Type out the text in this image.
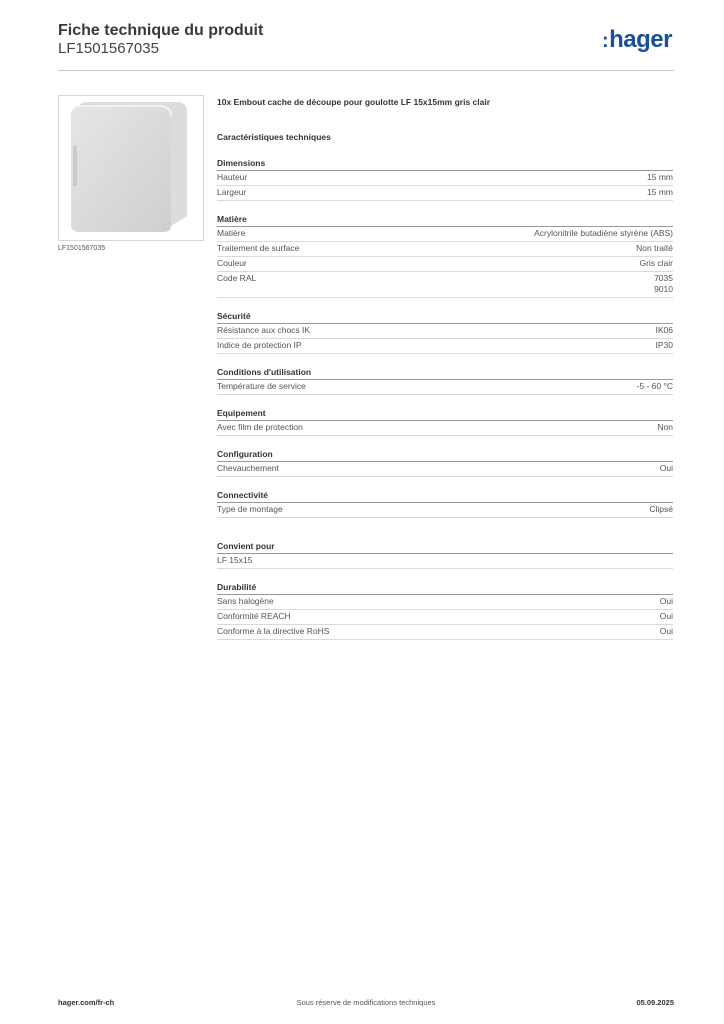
Fiche technique du produit
LF1501567035	:hager
LF1501567035
10x Embout cache de découpe pour goulotte LF 15x15mm gris clair
Caractéristiques techniques
Dimensions
Hauteur	15 mm
Largeur	15 mm
Matière
Matière	Acrylonitrile butadiène styrène (ABS)
Traitement de surface	Non traité
Couleur	Gris clair
Code RAL	7035
9010
Sécurité
Résistance aux chocs IK	IK06
Indice de protection IP	IP30
Conditions d'utilisation
Température de service	-5 - 60 °C
Equipement
Avec film de protection	Non
Configuration
Chevauchement	Oui
Connectivité
Type de montage	Clipsé
Convient pour
LF 15x15
Durabilité
Sans halogène	Oui
Conformité REACH	Oui
Conforme à la directive RoHS	Oui
hager.com/fr-ch	Sous réserve de modifications techniques	05.09.2025
